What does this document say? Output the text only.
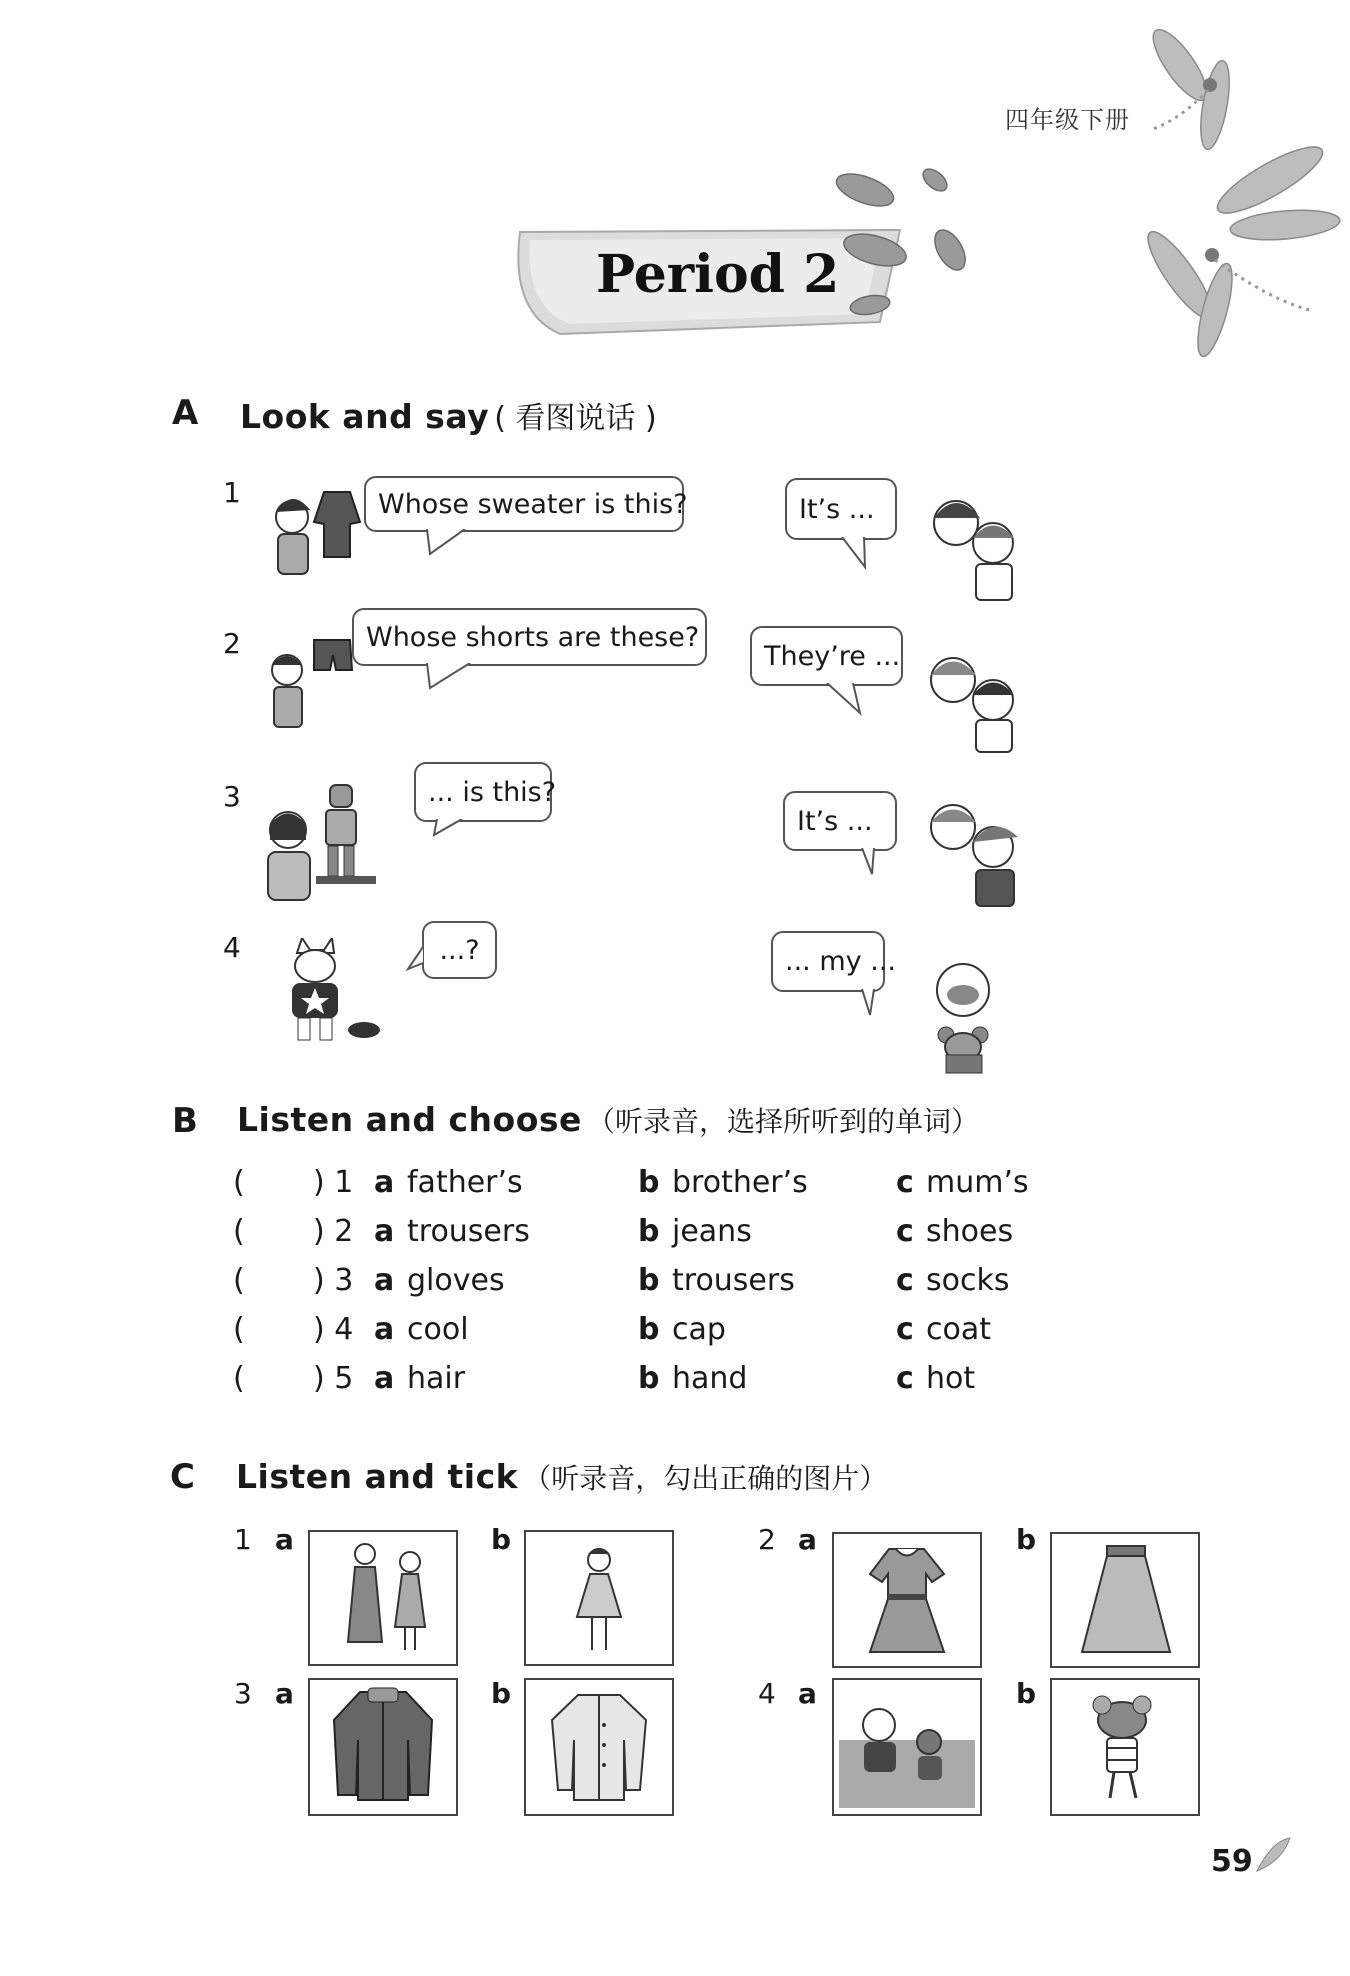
四年级下册
Period 2
A Look and say ( 看图说话 )
1	Whose sweater is this?	It’s ...
2	Whose shorts are these?
They’re ...
3	... is this?
It’s ...
4	...?	... my ...
B Listen and choose （听录音，选择所听到的单词）
( ) 1 a father’s	b brother’s	c mum’s
( ) 2 a trousers	b jeans	c shoes
( ) 3 a gloves	b trousers	c socks
( ) 4 a cool	b cap	c coat
( ) 5 a hair	b hand	c hot
C Listen and tick （听录音，勾出正确的图片）
1 a	b	2 a	b
3 a	b	4 a	b
59
